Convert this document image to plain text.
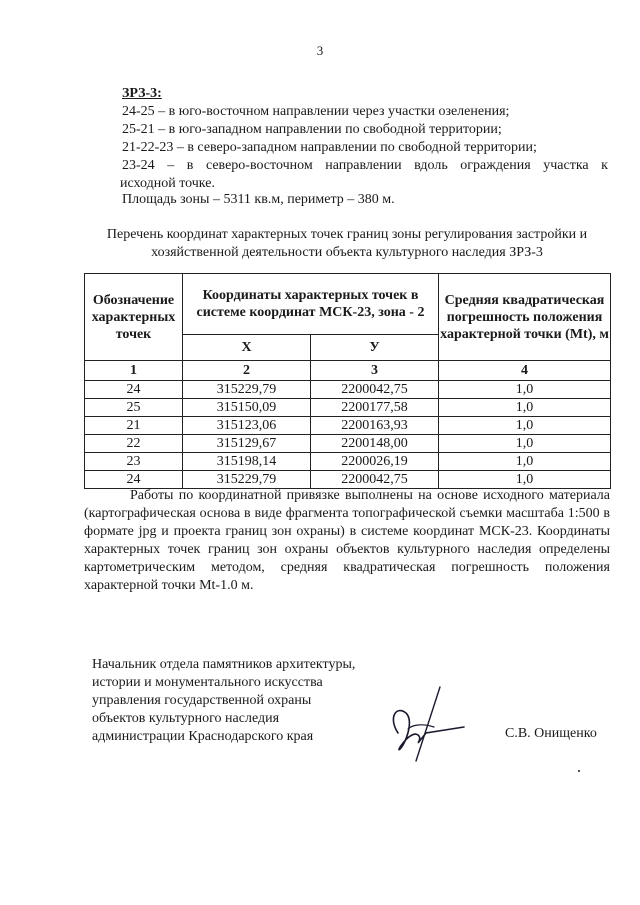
3
ЗРЗ-3:
24-25 – в юго-восточном направлении через участки озеленения;
25-21 – в юго-западном направлении по свободной территории;
21-22-23 – в северо-западном направлении по свободной территории;
23-24 – в северо-восточном направлении вдоль ограждения участка к
исходной точке.
Площадь зоны – 5311 кв.м, периметр – 380 м.
Перечень координат характерных точек границ зоны регулирования застройки и
хозяйственной деятельности объекта культурного наследия ЗРЗ-3
Обозначение характерных точек	Координаты характерных точек в системе координат МСК-23, зона - 2		Средняя квадратическая погрешность положения характерной точки (Mt), м
	Х	У	
1	2	3	4
24	315229,79	2200042,75	1,0
25	315150,09	2200177,58	1,0
21	315123,06	2200163,93	1,0
22	315129,67	2200148,00	1,0
23	315198,14	2200026,19	1,0
24	315229,79	2200042,75	1,0

Работы по координатной привязке выполнены на основе исходного материала (картографическая основа в виде фрагмента топографической съемки масштаба 1:500 в формате jpg и проекта границ зон охраны) в системе координат МСК-23. Координаты характерных точек границ зон охраны объектов культурного наследия определены картометрическим методом, средняя квадратическая погрешность положения характерной точки Mt-1.0 м.

Начальник отдела памятников архитектуры,
истории и монументального искусства
управления государственной охраны
объектов культурного наследия
администрации Краснодарского края	С.В. Онищенко
